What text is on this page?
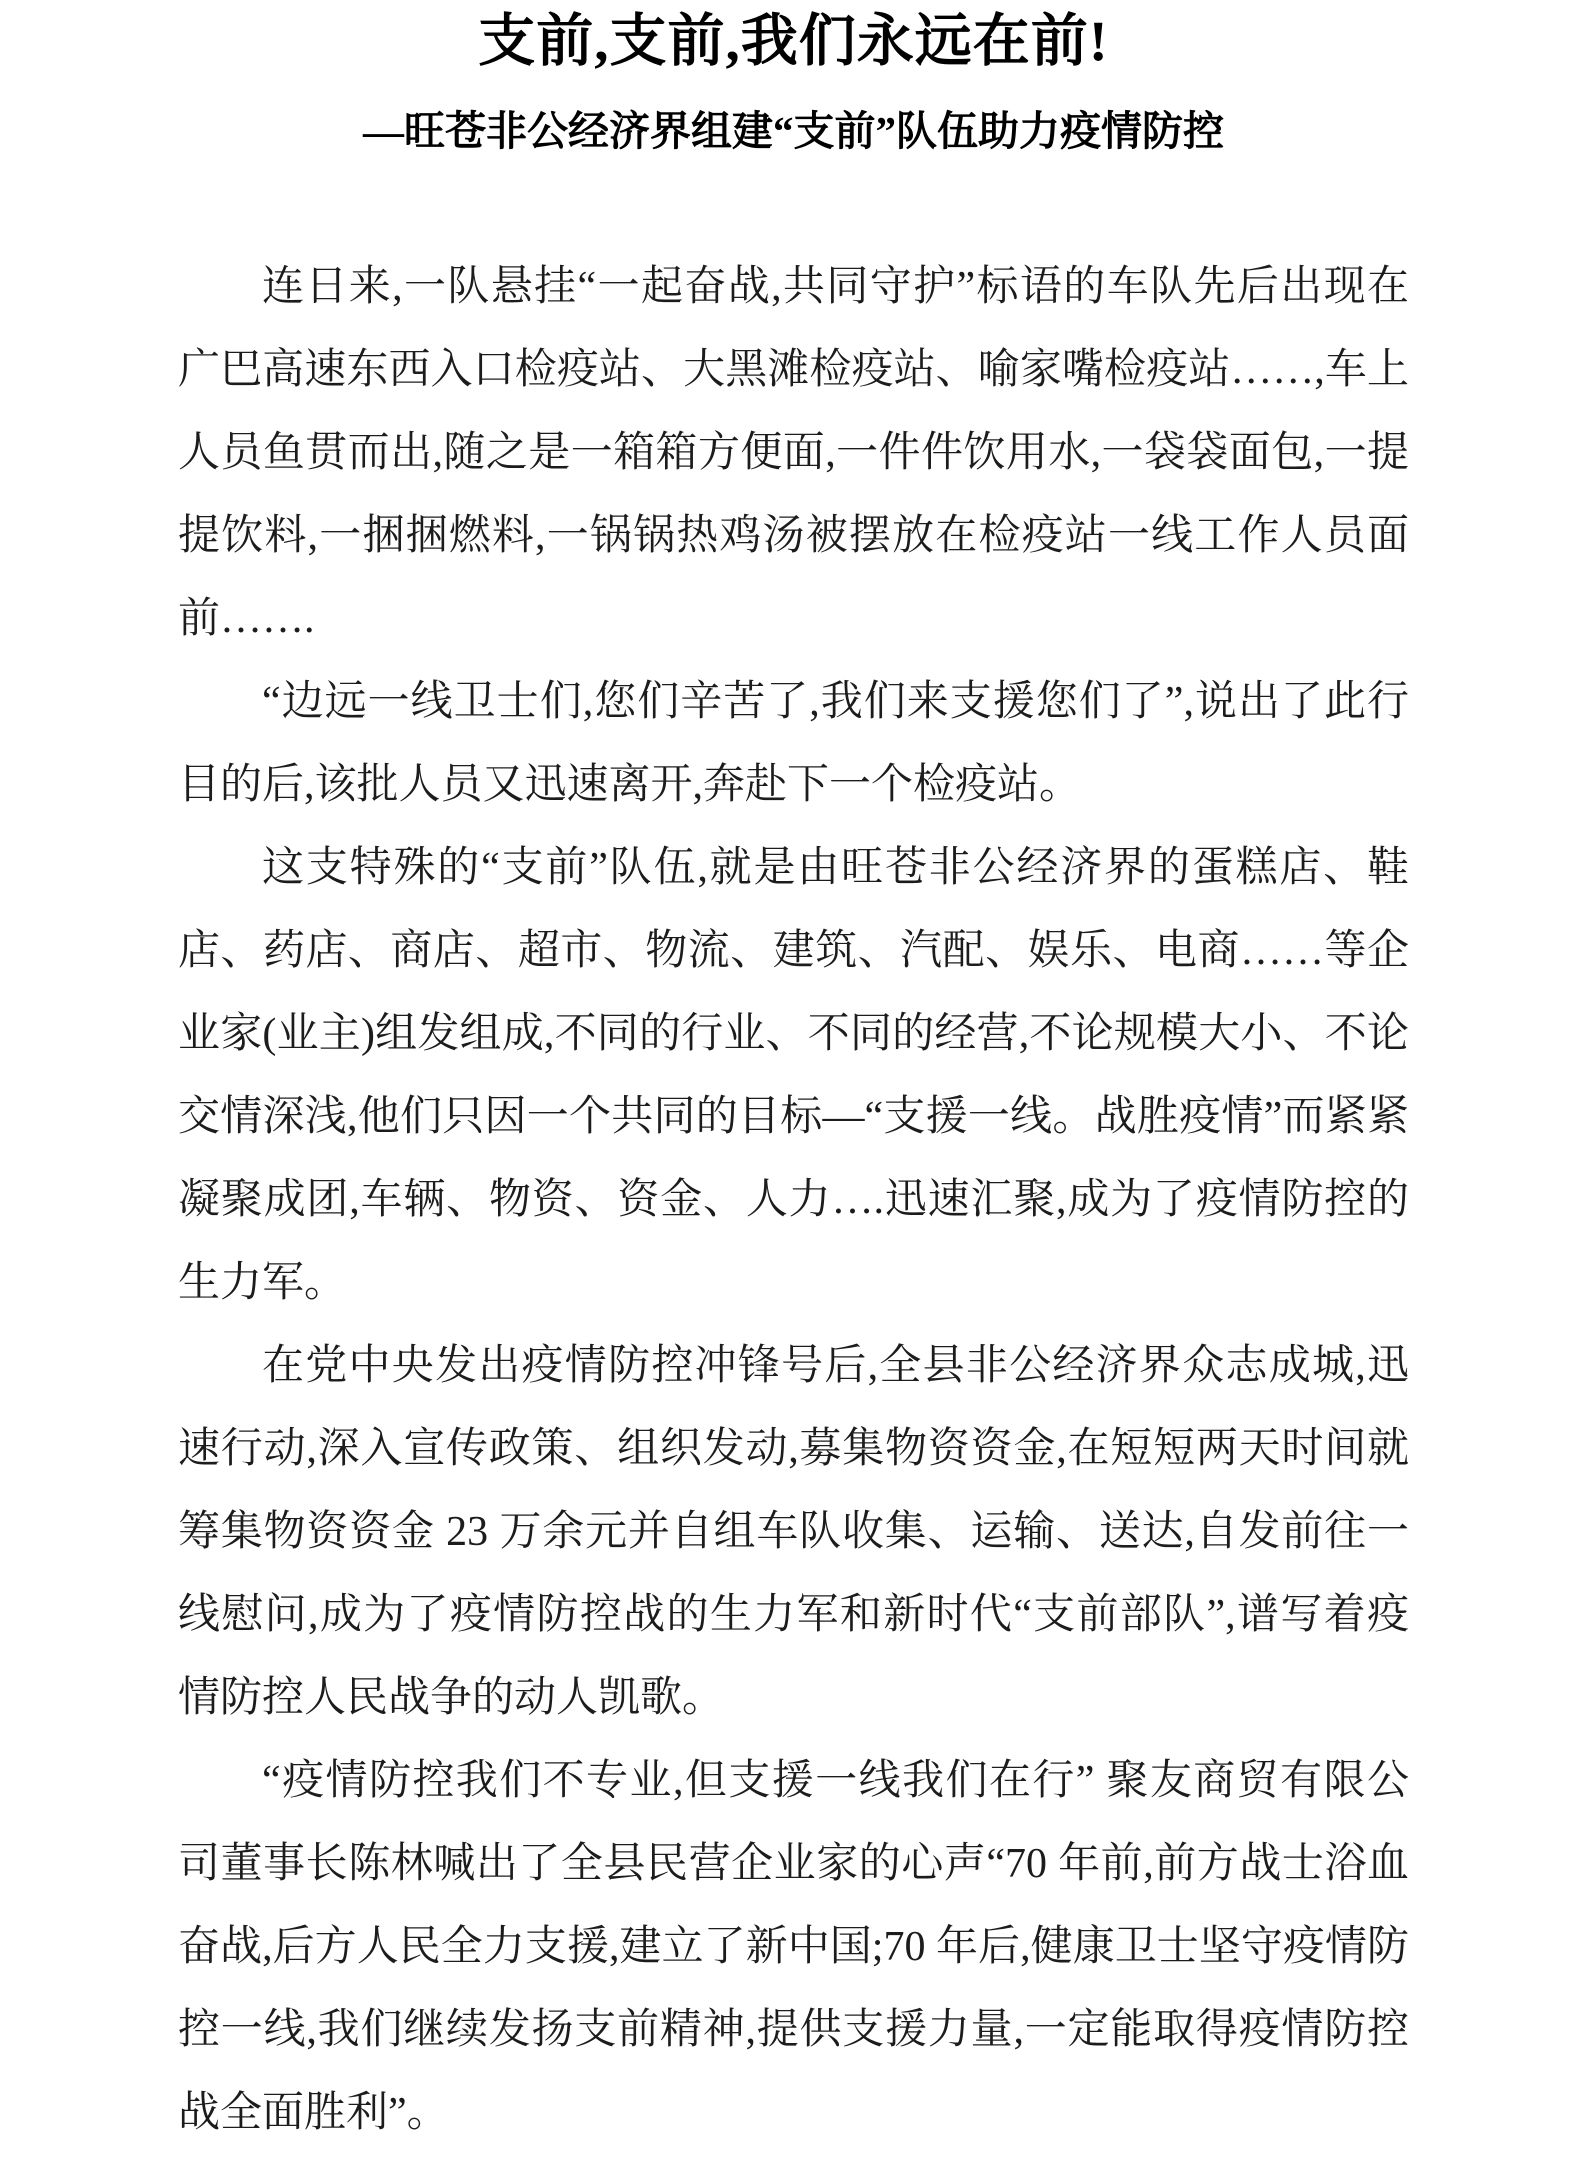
支前,支前,我们永远在前!
—旺苍非公经济界组建“支前”队伍助力疫情防控

连日来,一队悬挂“一起奋战,共同守护”标语的车队先后出现在广巴高速东西入口检疫站、大黑滩检疫站、喻家嘴检疫站……,车上人员鱼贯而出,随之是一箱箱方便面,一件件饮用水,一袋袋面包,一提提饮料,一捆捆燃料,一锅锅热鸡汤被摆放在检疫站一线工作人员面前…….

“边远一线卫士们,您们辛苦了,我们来支援您们了”,说出了此行目的后,该批人员又迅速离开,奔赴下一个检疫站。

这支特殊的“支前”队伍,就是由旺苍非公经济界的蛋糕店、鞋店、药店、商店、超市、物流、建筑、汽配、娱乐、电商……等企业家(业主)组发组成,不同的行业、不同的经营,不论规模大小、不论交情深浅,他们只因一个共同的目标—“支援一线。战胜疫情”而紧紧凝聚成团,车辆、物资、资金、人力….迅速汇聚,成为了疫情防控的生力军。

在党中央发出疫情防控冲锋号后,全县非公经济界众志成城,迅速行动,深入宣传政策、组织发动,募集物资资金,在短短两天时间就筹集物资资金 23 万余元并自组车队收集、运输、送达,自发前往一线慰问,成为了疫情防控战的生力军和新时代“支前部队”,谱写着疫情防控人民战争的动人凯歌。

“疫情防控我们不专业,但支援一线我们在行” 聚友商贸有限公司董事长陈林喊出了全县民营企业家的心声“70 年前,前方战士浴血奋战,后方人民全力支援,建立了新中国;70 年后,健康卫士坚守疫情防控一线,我们继续发扬支前精神,提供支援力量,一定能取得疫情防控战全面胜利”。
